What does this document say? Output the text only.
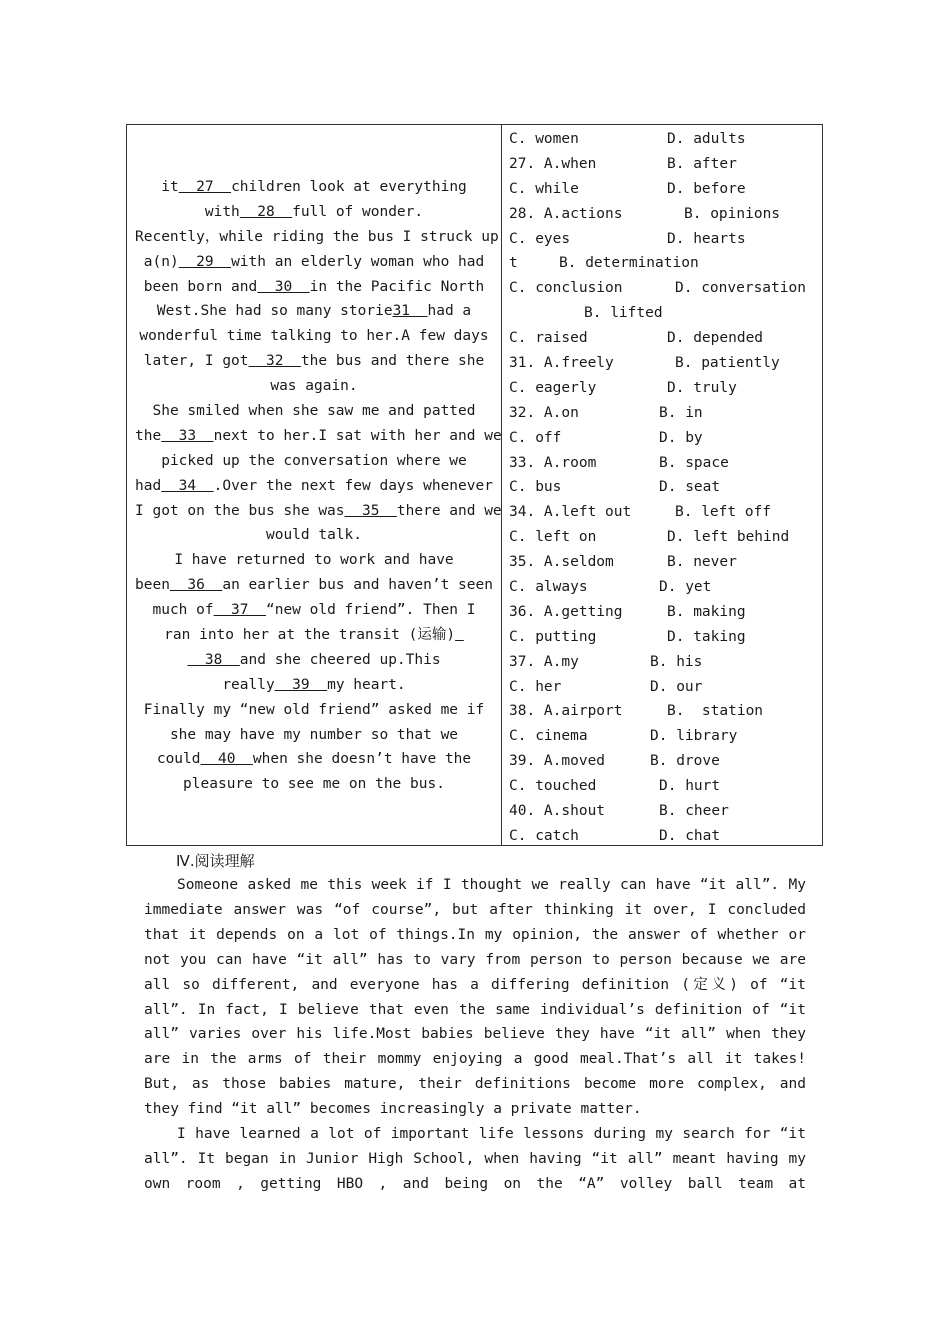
it  27  children look at everything
with  28  full of wonder.
Recently，while riding the bus I struck up
a(n)  29  with an elderly woman who had
been born and  30  in the Pacific North
West.She had so many storie31  had a
wonderful time talking to her.A few days
later, I got  32  the bus and there she
was again.
She smiled when she saw me and patted
the  33  next to her.I sat with her and we
picked up the conversation where we
had  34  .Over the next few days whenever
I got on the bus she was  35  there and we
would talk.
I have returned to work and have
been  36  an earlier bus and haven’t seen
much of  37  “new old friend”. Then I
ran into her at the transit (运输)
38  and she cheered up.This
really  39  my heart.
Finally my “new old friend” asked me if
she may have my number so that we
could  40  when she doesn’t have the
pleasure to see me on the bus.
C. women	D. adults
27. A.when	B. after
C. while	D. before
28. A.actions	B. opinions
C. eyes	D. hearts
t	B. determination
C. conclusion	D. conversation
B. lifted
C. raised	D. depended
31. A.freely	B. patiently
C. eagerly	D. truly
32. A.on	B. in
C. off	D. by
33. A.room	B. space
C. bus	D. seat
34. A.left out	B. left off
C. left on	D. left behind
35. A.seldom	B. never
C. always	D. yet
36. A.getting	B. making
C. putting	D. taking
37. A.my	B. his
C. her	D. our
38. A.airport	B.  station
C. cinema	D. library
39. A.moved	B. drove
C. touched	D. hurt
40. A.shout	B. cheer
C. catch	D. chat
Ⅳ.阅读理解

Someone asked me this week if I thought we really can have “it all”. My immediate answer was “of course”, but after thinking it over, I concluded that it depends on a lot of things.In my opinion, the answer of whether or not you can have “it all” has to vary from person to person because we are all so different, and everyone has a differing definition (定义) of “it all”. In fact, I believe that even the same individual’s definition of “it all” varies over his life.Most babies believe they have “it all” when they are in the arms of their mommy enjoying a good meal.That’s all it takes! But, as those babies mature, their definitions become more complex, and they find “it all” becomes increasingly a private matter.

I have learned a lot of important life lessons during my search for “it all”. It began in Junior High School, when having “it all” meant having my own room , getting HBO , and being on the “A” volley ball team at
